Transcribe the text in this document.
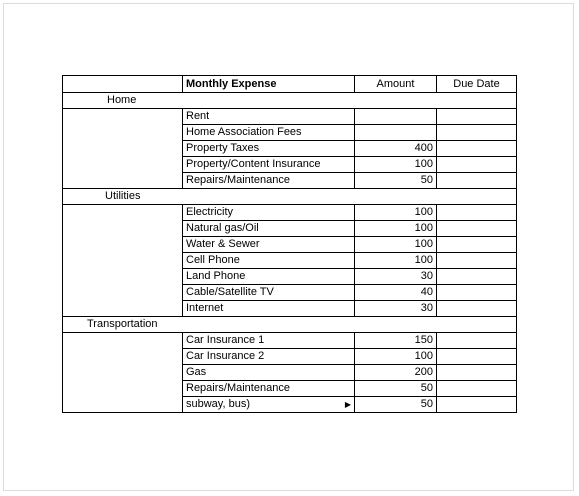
	Monthly Expense	Amount	Due Date
Home			
	Rent		
	Home Association Fees		
	Property Taxes	400	
	Property/Content Insurance	100	
	Repairs/Maintenance	50	
Utilities			
	Electricity	100	
	Natural gas/Oil	100	
	Water & Sewer	100	
	Cell Phone	100	
	Land Phone	30	
	Cable/Satellite TV	40	
	Internet	30	
Transportation			
	Car Insurance 1	150	
	Car Insurance 2	100	
	Gas	200	
	Repairs/Maintenance	50	
	subway, bus) ▶	50	
